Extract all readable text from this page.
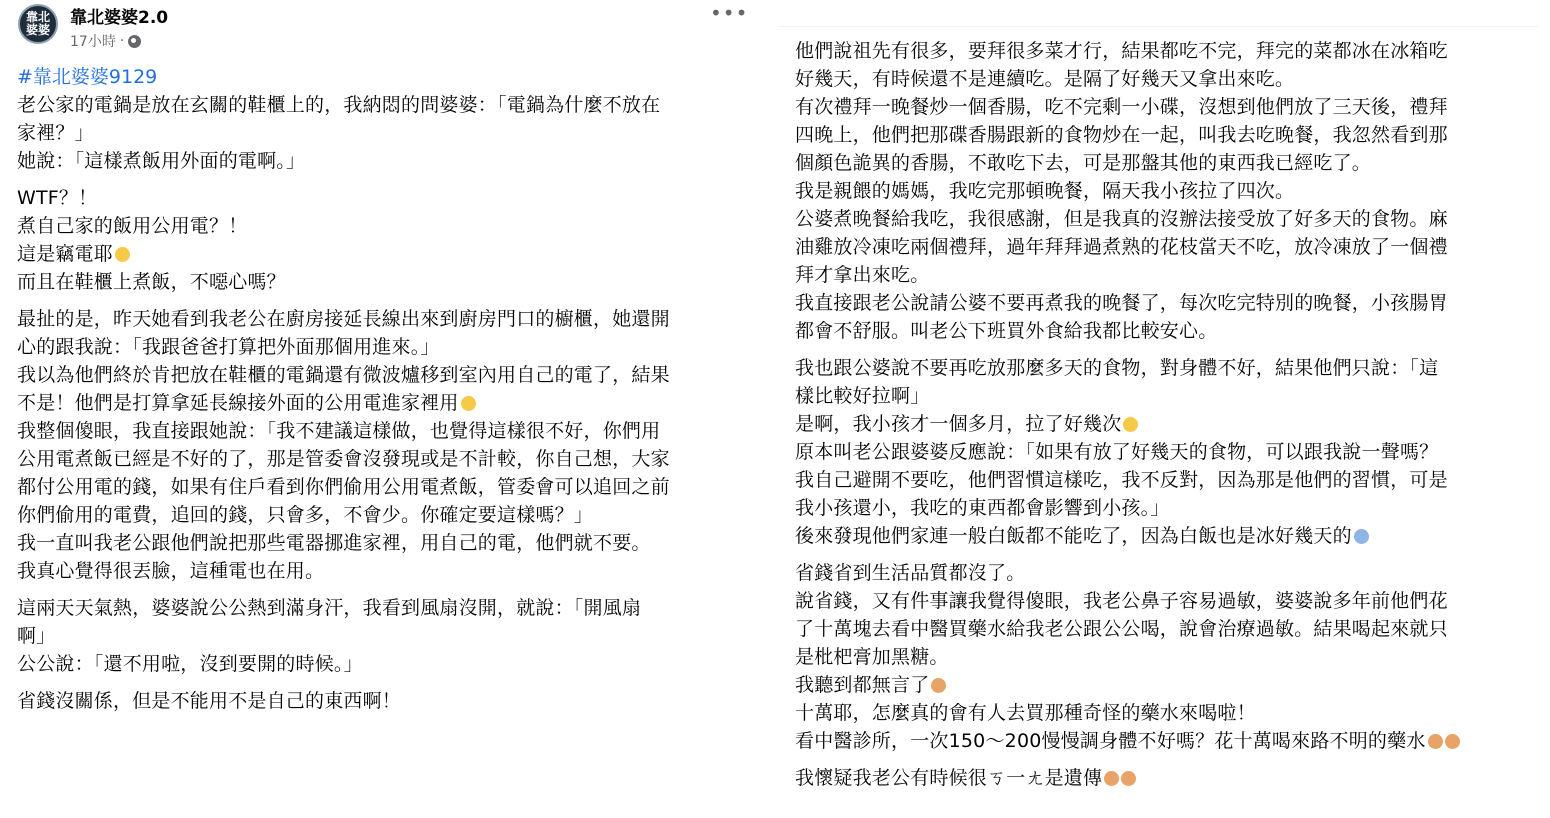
靠北婆婆
靠北婆婆2.0
17小時 ·
•••
#靠北婆婆9129
老公家的電鍋是放在玄關的鞋櫃上的，我納悶的問婆婆：「電鍋為什麼不放在
家裡？」
她說：「這樣煮飯用外面的電啊。」
WTF？！
煮自己家的飯用公用電？！
這是竊電耶
而且在鞋櫃上煮飯，不噁心嗎？
最扯的是，昨天她看到我老公在廚房接延長線出來到廚房門口的櫥櫃，她還開
心的跟我說：「我跟爸爸打算把外面那個用進來。」
我以為他們終於肯把放在鞋櫃的電鍋還有微波爐移到室內用自己的電了，結果
不是！他們是打算拿延長線接外面的公用電進家裡用
我整個傻眼，我直接跟她說：「我不建議這樣做，也覺得這樣很不好，你們用
公用電煮飯已經是不好的了，那是管委會沒發現或是不計較，你自己想，大家
都付公用電的錢，如果有住戶看到你們偷用公用電煮飯，管委會可以追回之前
你們偷用的電費，追回的錢，只會多，不會少。你確定要這樣嗎？」
我一直叫我老公跟他們說把那些電器挪進家裡，用自己的電，他們就不要。
我真心覺得很丟臉，這種電也在用。
這兩天天氣熱，婆婆說公公熱到滿身汗，我看到風扇沒開，就說：「開風扇
啊」
公公說：「還不用啦，沒到要開的時候。」
省錢沒關係，但是不能用不是自己的東西啊！
他們說祖先有很多，要拜很多菜才行，結果都吃不完，拜完的菜都冰在冰箱吃
好幾天，有時候還不是連續吃。是隔了好幾天又拿出來吃。
有次禮拜一晚餐炒一個香腸，吃不完剩一小碟，沒想到他們放了三天後，禮拜
四晚上，他們把那碟香腸跟新的食物炒在一起，叫我去吃晚餐，我忽然看到那
個顏色詭異的香腸，不敢吃下去，可是那盤其他的東西我已經吃了。
我是親餵的媽媽，我吃完那頓晚餐，隔天我小孩拉了四次。
公婆煮晚餐給我吃，我很感謝，但是我真的沒辦法接受放了好多天的食物。麻
油雞放冷凍吃兩個禮拜，過年拜拜過煮熟的花枝當天不吃，放冷凍放了一個禮
拜才拿出來吃。
我直接跟老公說請公婆不要再煮我的晚餐了，每次吃完特別的晚餐，小孩腸胃
都會不舒服。叫老公下班買外食給我都比較安心。
我也跟公婆說不要再吃放那麼多天的食物，對身體不好，結果他們只說：「這
樣比較好拉啊」
是啊，我小孩才一個多月，拉了好幾次
原本叫老公跟婆婆反應說：「如果有放了好幾天的食物，可以跟我說一聲嗎？
我自己避開不要吃，他們習慣這樣吃，我不反對，因為那是他們的習慣，可是
我小孩還小，我吃的東西都會影響到小孩。」
後來發現他們家連一般白飯都不能吃了，因為白飯也是冰好幾天的
省錢省到生活品質都沒了。
說省錢，又有件事讓我覺得傻眼，我老公鼻子容易過敏，婆婆說多年前他們花
了十萬塊去看中醫買藥水給我老公跟公公喝，說會治療過敏。結果喝起來就只
是枇杷膏加黑糖。
我聽到都無言了
十萬耶，怎麼真的會有人去買那種奇怪的藥水來喝啦！
看中醫診所，一次150～200慢慢調身體不好嗎？花十萬喝來路不明的藥水
我懷疑我老公有時候很ㄎ一ㄤ是遺傳
